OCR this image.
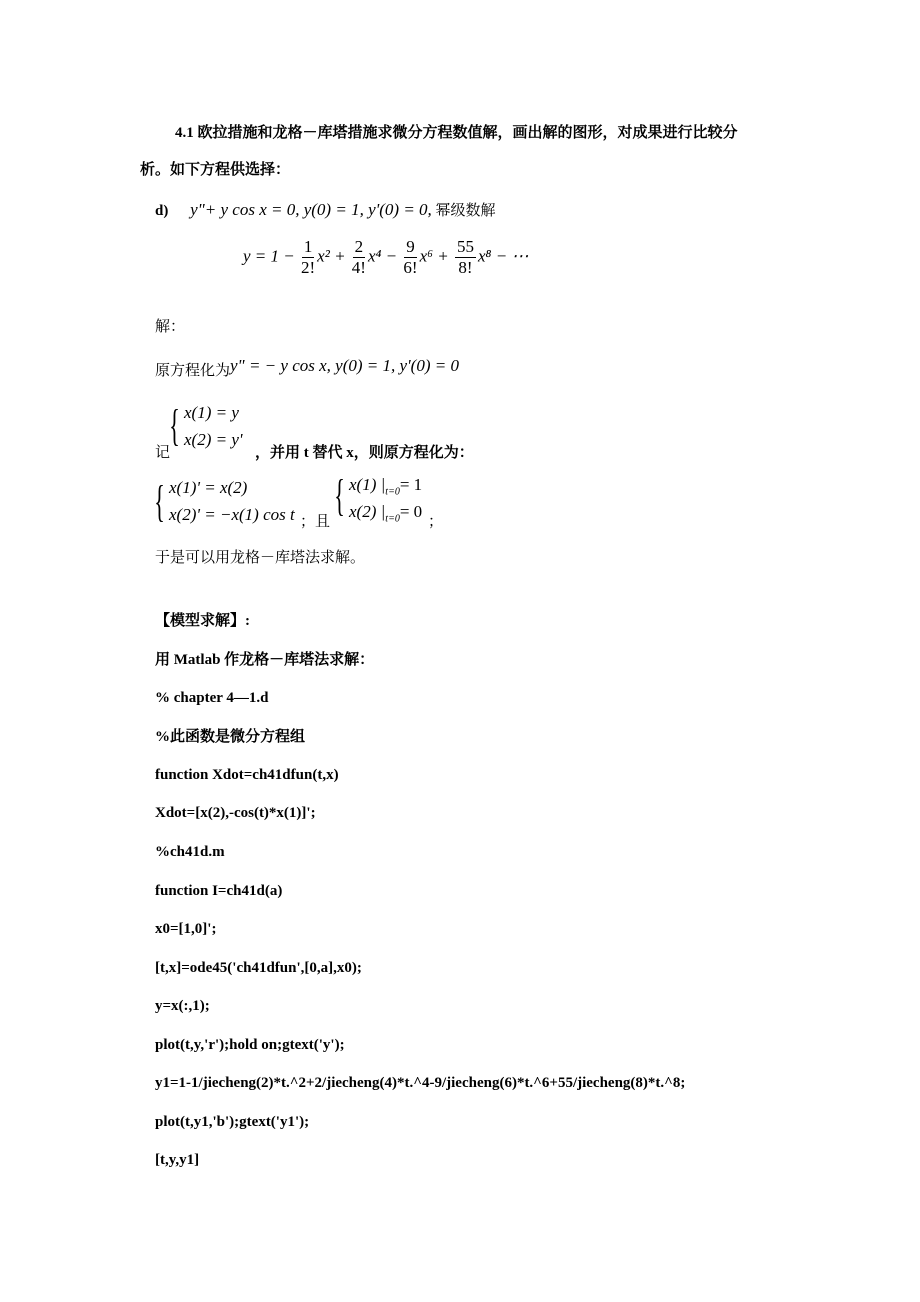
4.1 欧拉措施和龙格－库塔措施求微分方程数值解，画出解的图形，对成果进行比较分
析。如下方程供选择：
d) y"+ y cos x = 0, y(0) = 1, y'(0) = 0, 幂级数解
$y = 1 - \frac{1}{2!} x^2 + \frac{2}{4!} x^4 - \frac{9}{6!} x^6 + \frac{55}{8!} x^8$ − ⋯
解：
原方程化为y" = − y cos x, y(0) = 1, y'(0) = 0
记
{ x(1) = y
x(2) = y'
，并用 t 替代 x，则原方程化为：
{ x(1)' = x(2)
x(2)' = −x(1) cos t ；且
{ x(1) $|_{t=0}= 1$
x(2) $|_{t=0}= 0$
；
于是可以用龙格－库塔法求解。
【模型求解】:
用 Matlab 作龙格－库塔法求解：
% chapter 4—1.d
%此函数是微分方程组
function Xdot=ch41dfun(t,x)
Xdot=[x(2),-cos(t)*x(1)]';
%ch41d.m
function I=ch41d(a)
x0=[1,0]';
[t,x]=ode45('ch41dfun',[0,a],x0);
y=x(:,1);
plot(t,y,'r');hold on;gtext('y');
y1=1-1/jiecheng(2)*t.^2+2/jiecheng(4)*t.^4-9/jiecheng(6)*t.^6+55/jiecheng(8)*t.^8;
plot(t,y1,'b');gtext('y1');
[t,y,y1]
